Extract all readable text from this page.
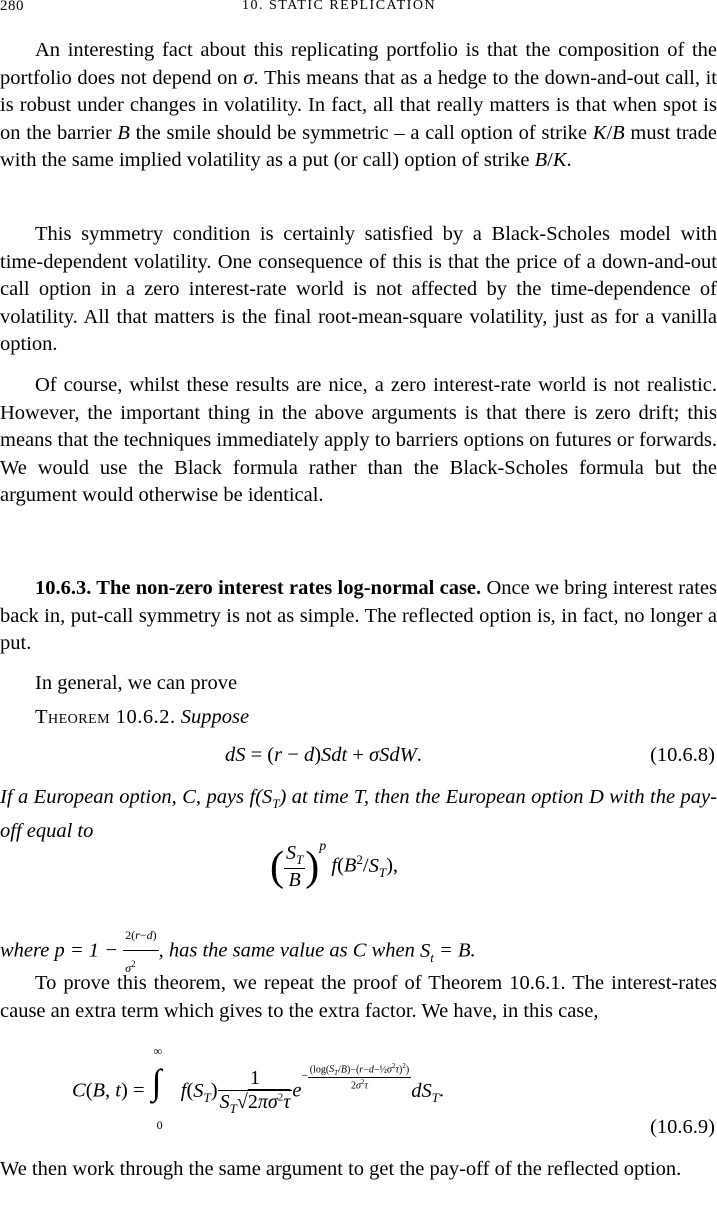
280	10. STATIC REPLICATION
An interesting fact about this replicating portfolio is that the composition of the portfolio does not depend on σ. This means that as a hedge to the down-and-out call, it is robust under changes in volatility. In fact, all that really matters is that when spot is on the barrier B the smile should be symmetric – a call option of strike K/B must trade with the same implied volatility as a put (or call) option of strike B/K.
This symmetry condition is certainly satisfied by a Black-Scholes model with time-dependent volatility. One consequence of this is that the price of a down-and-out call option in a zero interest-rate world is not affected by the time-dependence of volatility. All that matters is the final root-mean-square volatility, just as for a vanilla option.
Of course, whilst these results are nice, a zero interest-rate world is not realistic. However, the important thing in the above arguments is that there is zero drift; this means that the techniques immediately apply to barriers options on futures or forwards. We would use the Black formula rather than the Black-Scholes formula but the argument would otherwise be identical.
10.6.3. The non-zero interest rates log-normal case. Once we bring interest rates back in, put-call symmetry is not as simple. The reflected option is, in fact, no longer a put.
In general, we can prove
Theorem 10.6.2. Suppose
dS = (r − d)Sdt + σSdW.	(10.6.8)
If a European option, C, pays $f(S_T)$ at time T, then the European option D with the pay-off equal to
( $\frac{S_T}{B} )^p$ $f(B^2/S_T)$,
where $p = 1 - \frac{2(r-d)}{\sigma^2}$ , has the same value as C when $S_t = B$.
To prove this theorem, we repeat the proof of Theorem 10.6.1. The interest-rates cause an extra term which gives to the extra factor. We have, in this case,
C(B, t) =
∞
∫
0
$f(S_T) \frac{1}{S_T√2\pi\sigma^2\tau} e^{- \frac{(\log(S_T/B)-(r-d-\frac{1}{2}\sigma^2\tau)^2)}{2\sigma^2\tau}}$ $dS_T$.
(10.6.9)
We then work through the same argument to get the pay-off of the reflected option.
